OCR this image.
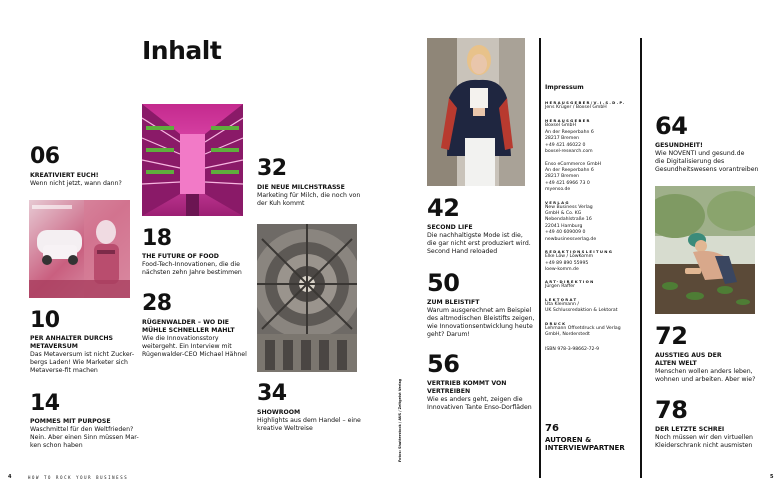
Inhalt
06
KREATIVIERT EUCH!
Wenn nicht jetzt, wann dann?
10
PER ANHALTER DURCHS
METAVERSUM
Das Metaversum ist nicht Zucker-
bergs Laden! Wie Marketer sich
Metaverse-fit machen
14
POMMES MIT PURPOSE
Waschmittel für den Weltfrieden?
Nein. Aber einen Sinn müssen Mar-
ken schon haben
18
THE FUTURE OF FOOD
Food-Tech-Innovationen, die die
nächsten zehn Jahre bestimmen
28
RÜGENWALDER – WO DIE
MÜHLE SCHNELLER MAHLT
Wie die Innovationsstory
weitergeht. Ein Interview mit
Rügenwalder-CEO Michael Hähnel
32
DIE NEUE MILCHSTRASSE
Marketing für Milch, die noch von
der Kuh kommt
34
SHOWROOM
Highlights aus dem Handel – eine
kreative Weltreise	Fotos: Shutterstock / AUS / Zeitgeist Verlag
42
SECOND LIFE
Die nachhaltigste Mode ist die,
die gar nicht erst produziert wird.
Second Hand reloaded
50
ZUM BLEISTIFT
Warum ausgerechnet am Beispiel
des altmodischen Bleistifts zeigen,
wie Innovationsentwicklung heute
geht? Darum!
56
VERTRIEB KOMMT VON
VERTREIBEN
Wie es anders geht, zeigen die
Innovativen Tante Enso-Dorfläden
Impressum
HERAUSGEBER/V.I.S.D.P.
Jens Krüger / Boxsel GmbH
HERAUSGEBER
Boxsel GmbH
An der Reeperbahn 6
28217 Bremen
+49 421 46022 0
boxsel-research.com
Enso eCommerce GmbH
An der Reeperbahn 6
28217 Bremen
+49 421 6966 73 0
myenso.de
VERLAG
New Business Verlag
GmbH & Co. KG
Nebendahlstraße 16
22041 Hamburg
+49 40 609009 0
newbusinessverlag.de
REDAKTIONSLEITUNG
Elke Löw / LöwKomm
+49 89 890 55995
loew-komm.de
ART-DIREKTION
Jürgen Raffer
LEKTORAT
Uta Kleimann /
UK Schlussredaktion & Lektorat
DRUCK
Lehmann Offsetdruck und Verlag
GmbH, Norderstedt
ISBN 978-3-98662-72-9
76
AUTOREN &
INTERVIEWPARTNER
64
GESUNDHEIT!
Wie NOVENTI und gesund.de
die Digitalisierung des
Gesundheitswesens vorantreiben
72
AUSSTIEG AUS DER
ALTEN WELT
Menschen wollen anders leben,
wohnen und arbeiten. Aber wie?
78
DER LETZTE SCHREI
Noch müssen wir den virtuellen
Kleiderschrank nicht ausmisten
4	HOW TO ROCK YOUR BUSINESS	5
